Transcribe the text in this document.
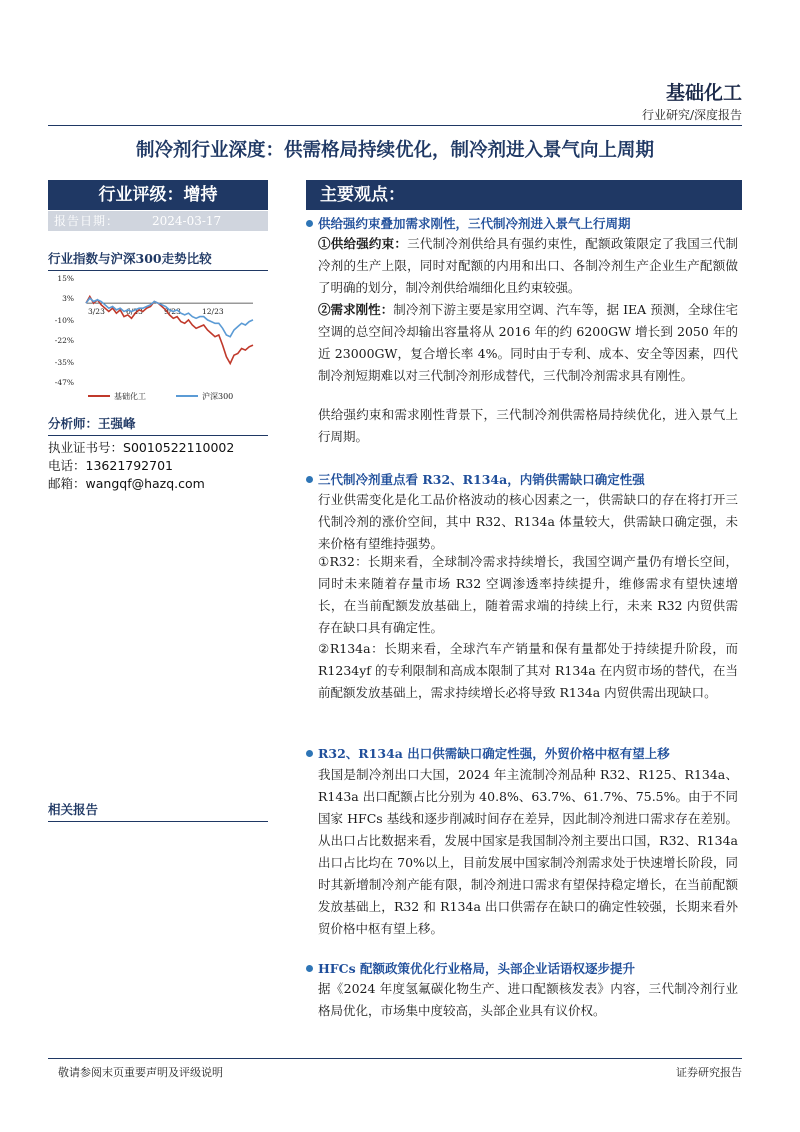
基础化工
行业研究/深度报告
制冷剂行业深度：供需格局持续优化，制冷剂进入景气向上周期
行业评级：增持
报告日期：	2024-03-17
行业指数与沪深300走势比较
15%
3%
-10%
-22%
-35%
-47%
3/23	6/23	9/23	12/23
基础化工	沪深300
分析师：王强峰
执业证书号：S0010522110002
电话：13621792701
邮箱：wangqf@hazq.com
相关报告
主要观点：
供给强约束叠加需求刚性，三代制冷剂进入景气上行周期
①供给强约束：三代制冷剂供给具有强约束性，配额政策限定了我国三代制冷剂的生产上限，同时对配额的内用和出口、各制冷剂生产企业生产配额做了明确的划分，制冷剂供给端细化且约束较强。
②需求刚性：制冷剂下游主要是家用空调、汽车等，据 IEA 预测，全球住宅空调的总空间冷却输出容量将从 2016 年的约 6200GW 增长到 2050 年的近 23000GW，复合增长率 4%。同时由于专利、成本、安全等因素，四代制冷剂短期难以对三代制冷剂形成替代，三代制冷剂需求具有刚性。
供给强约束和需求刚性背景下，三代制冷剂供需格局持续优化，进入景气上行周期。
三代制冷剂重点看 R32、R134a，内销供需缺口确定性强
行业供需变化是化工品价格波动的核心因素之一，供需缺口的存在将打开三代制冷剂的涨价空间，其中 R32、R134a 体量较大，供需缺口确定强，未来价格有望维持强势。
①R32：长期来看，全球制冷需求持续增长，我国空调产量仍有增长空间，同时未来随着存量市场 R32 空调渗透率持续提升，维修需求有望快速增长，在当前配额发放基础上，随着需求端的持续上行，未来 R32 内贸供需存在缺口具有确定性。
②R134a：长期来看，全球汽车产销量和保有量都处于持续提升阶段，而 R1234yf 的专利限制和高成本限制了其对 R134a 在内贸市场的替代，在当前配额发放基础上，需求持续增长必将导致 R134a 内贸供需出现缺口。
R32、R134a 出口供需缺口确定性强，外贸价格中枢有望上移
我国是制冷剂出口大国，2024 年主流制冷剂品种 R32、R125、R134a、R143a 出口配额占比分别为 40.8%、63.7%、61.7%、75.5%。由于不同国家 HFCs 基线和逐步削减时间存在差异，因此制冷剂进口需求存在差别。从出口占比数据来看，发展中国家是我国制冷剂主要出口国，R32、R134a 出口占比均在 70%以上，目前发展中国家制冷剂需求处于快速增长阶段，同时其新增制冷剂产能有限，制冷剂进口需求有望保持稳定增长，在当前配额发放基础上，R32 和 R134a 出口供需存在缺口的确定性较强，长期来看外贸价格中枢有望上移。
HFCs 配额政策优化行业格局，头部企业话语权逐步提升
据《2024 年度氢氟碳化物生产、进口配额核发表》内容，三代制冷剂行业格局优化，市场集中度较高，头部企业具有议价权。
敬请参阅末页重要声明及评级说明	证券研究报告
